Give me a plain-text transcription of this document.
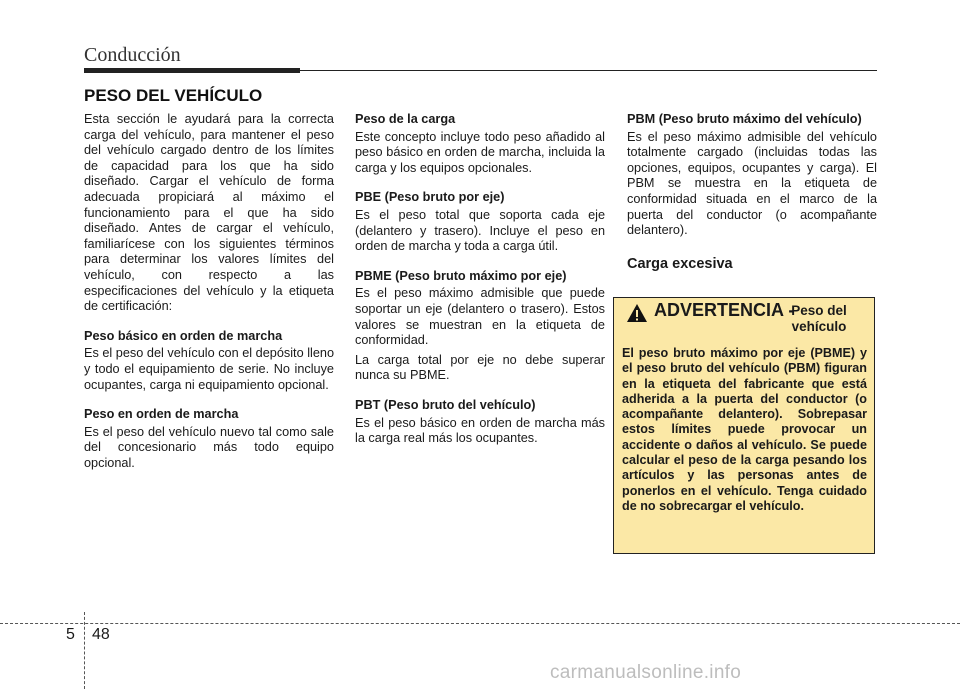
Conducción
PESO DEL VEHÍCULO

Esta sección le ayudará para la correcta carga del vehículo, para mantener el peso del vehículo cargado dentro de los límites de capacidad para los que ha sido diseñado. Cargar el vehículo de forma adecuada propiciará al máximo el funcionamiento para el que ha sido diseñado. Antes de cargar el vehículo, familiarícese con los siguientes términos para determinar los valores límites del vehículo, con respecto a las especificaciones del vehículo y la etiqueta de certificación:

Peso básico en orden de marcha

Es el peso del vehículo con el depósito lleno y todo el equipamiento de serie. No incluye ocupantes, carga ni equipamiento opcional.

Peso en orden de marcha

Es el peso del vehículo nuevo tal como sale del concesionario más todo equipo opcional.

Peso de la carga

Este concepto incluye todo peso añadido al peso básico en orden de marcha, incluida la carga y los equipos opcionales.

PBE (Peso bruto por eje)

Es el peso total que soporta cada eje (delantero y trasero). Incluye el peso en orden de marcha y toda a carga útil.

PBME (Peso bruto máximo por eje)

Es el peso máximo admisible que puede soportar un eje (delantero o trasero). Estos valores se muestran en la etiqueta de conformidad.

La carga total por eje no debe superar nunca su PBME.

PBT (Peso bruto del vehículo)

Es el peso básico en orden de marcha más la carga real más los ocupantes.

PBM (Peso bruto máximo del vehículo)

Es el peso máximo admisible del vehículo totalmente cargado (incluidas todas las opciones, equipos, ocupantes y carga). El PBM se muestra en la etiqueta de conformidad situada en el marco de la puerta del conductor (o acompañante delantero).

Carga excesiva
ADVERTENCIA -
Peso del vehículo
El peso bruto máximo por eje (PBME) y el peso bruto del vehículo (PBM) figuran en la etiqueta del fabricante que está adherida a la puerta del conductor (o acompañante delantero). Sobrepasar estos límites puede provocar un accidente o daños al vehículo. Se puede calcular el peso de la carga pesando los artículos y las personas antes de ponerlos en el vehículo. Tenga cuidado de no sobrecargar el vehículo.
5 48
carmanualsonline.info
